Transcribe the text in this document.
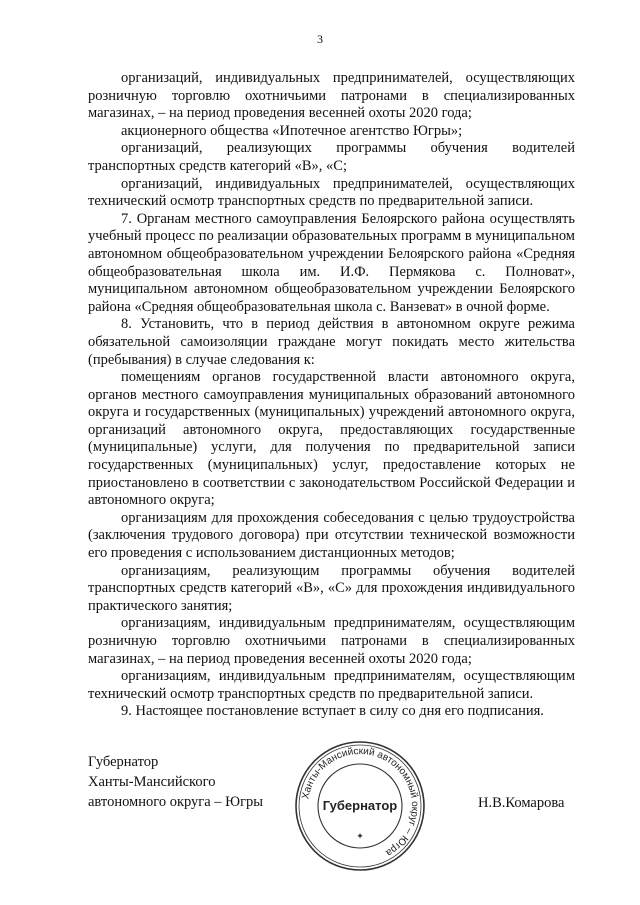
3

организаций, индивидуальных предпринимателей, осуществляющих розничную торговлю охотничьими патронами в специализированных магазинах, – на период проведения весенней охоты 2020 года;

акционерного общества «Ипотечное агентство Югры»;

организаций, реализующих программы обучения водителей транспортных средств категорий «В», «С;

организаций, индивидуальных предпринимателей, осуществляющих технический осмотр транспортных средств по предварительной записи.

7. Органам местного самоуправления Белоярского района осуществлять учебный процесс по реализации образовательных программ в муниципальном автономном общеобразовательном учреждении Белоярского района «Средняя общеобразовательная школа им. И.Ф. Пермякова с. Полноват», муниципальном автономном общеобразовательном учреждении Белоярского района «Средняя общеобразовательная школа с. Ванзеват» в очной форме.

8. Установить, что в период действия в автономном округе режима обязательной самоизоляции граждане могут покидать место жительства (пребывания) в случае следования к:

помещениям органов государственной власти автономного округа, органов местного самоуправления муниципальных образований автономного округа и государственных (муниципальных) учреждений автономного округа, организаций автономного округа, предоставляющих государственные (муниципальные) услуги, для получения по предварительной записи государственных (муниципальных) услуг, предоставление которых не приостановлено в соответствии с законодательством Российской Федерации и автономного округа;

организациям для прохождения собеседования с целью трудоустройства (заключения трудового договора) при отсутствии технической возможности его проведения с использованием дистанционных методов;

организациям, реализующим программы обучения водителей транспортных средств категорий «В», «С» для прохождения индивидуального практического занятия;

организациям, индивидуальным предпринимателям, осуществляющим розничную торговлю охотничьими патронами в специализированных магазинах, – на период проведения весенней охоты 2020 года;

организациям, индивидуальным предпринимателям, осуществляющим технический осмотр транспортных средств по предварительной записи.

9. Настоящее постановление вступает в силу со дня его подписания.

Губернатор
Ханты-Мансийского
автономного округа – Югры	Ханты-Мансийский автономный округ – Югра
Губернатор
✦
Н.В.Комарова
